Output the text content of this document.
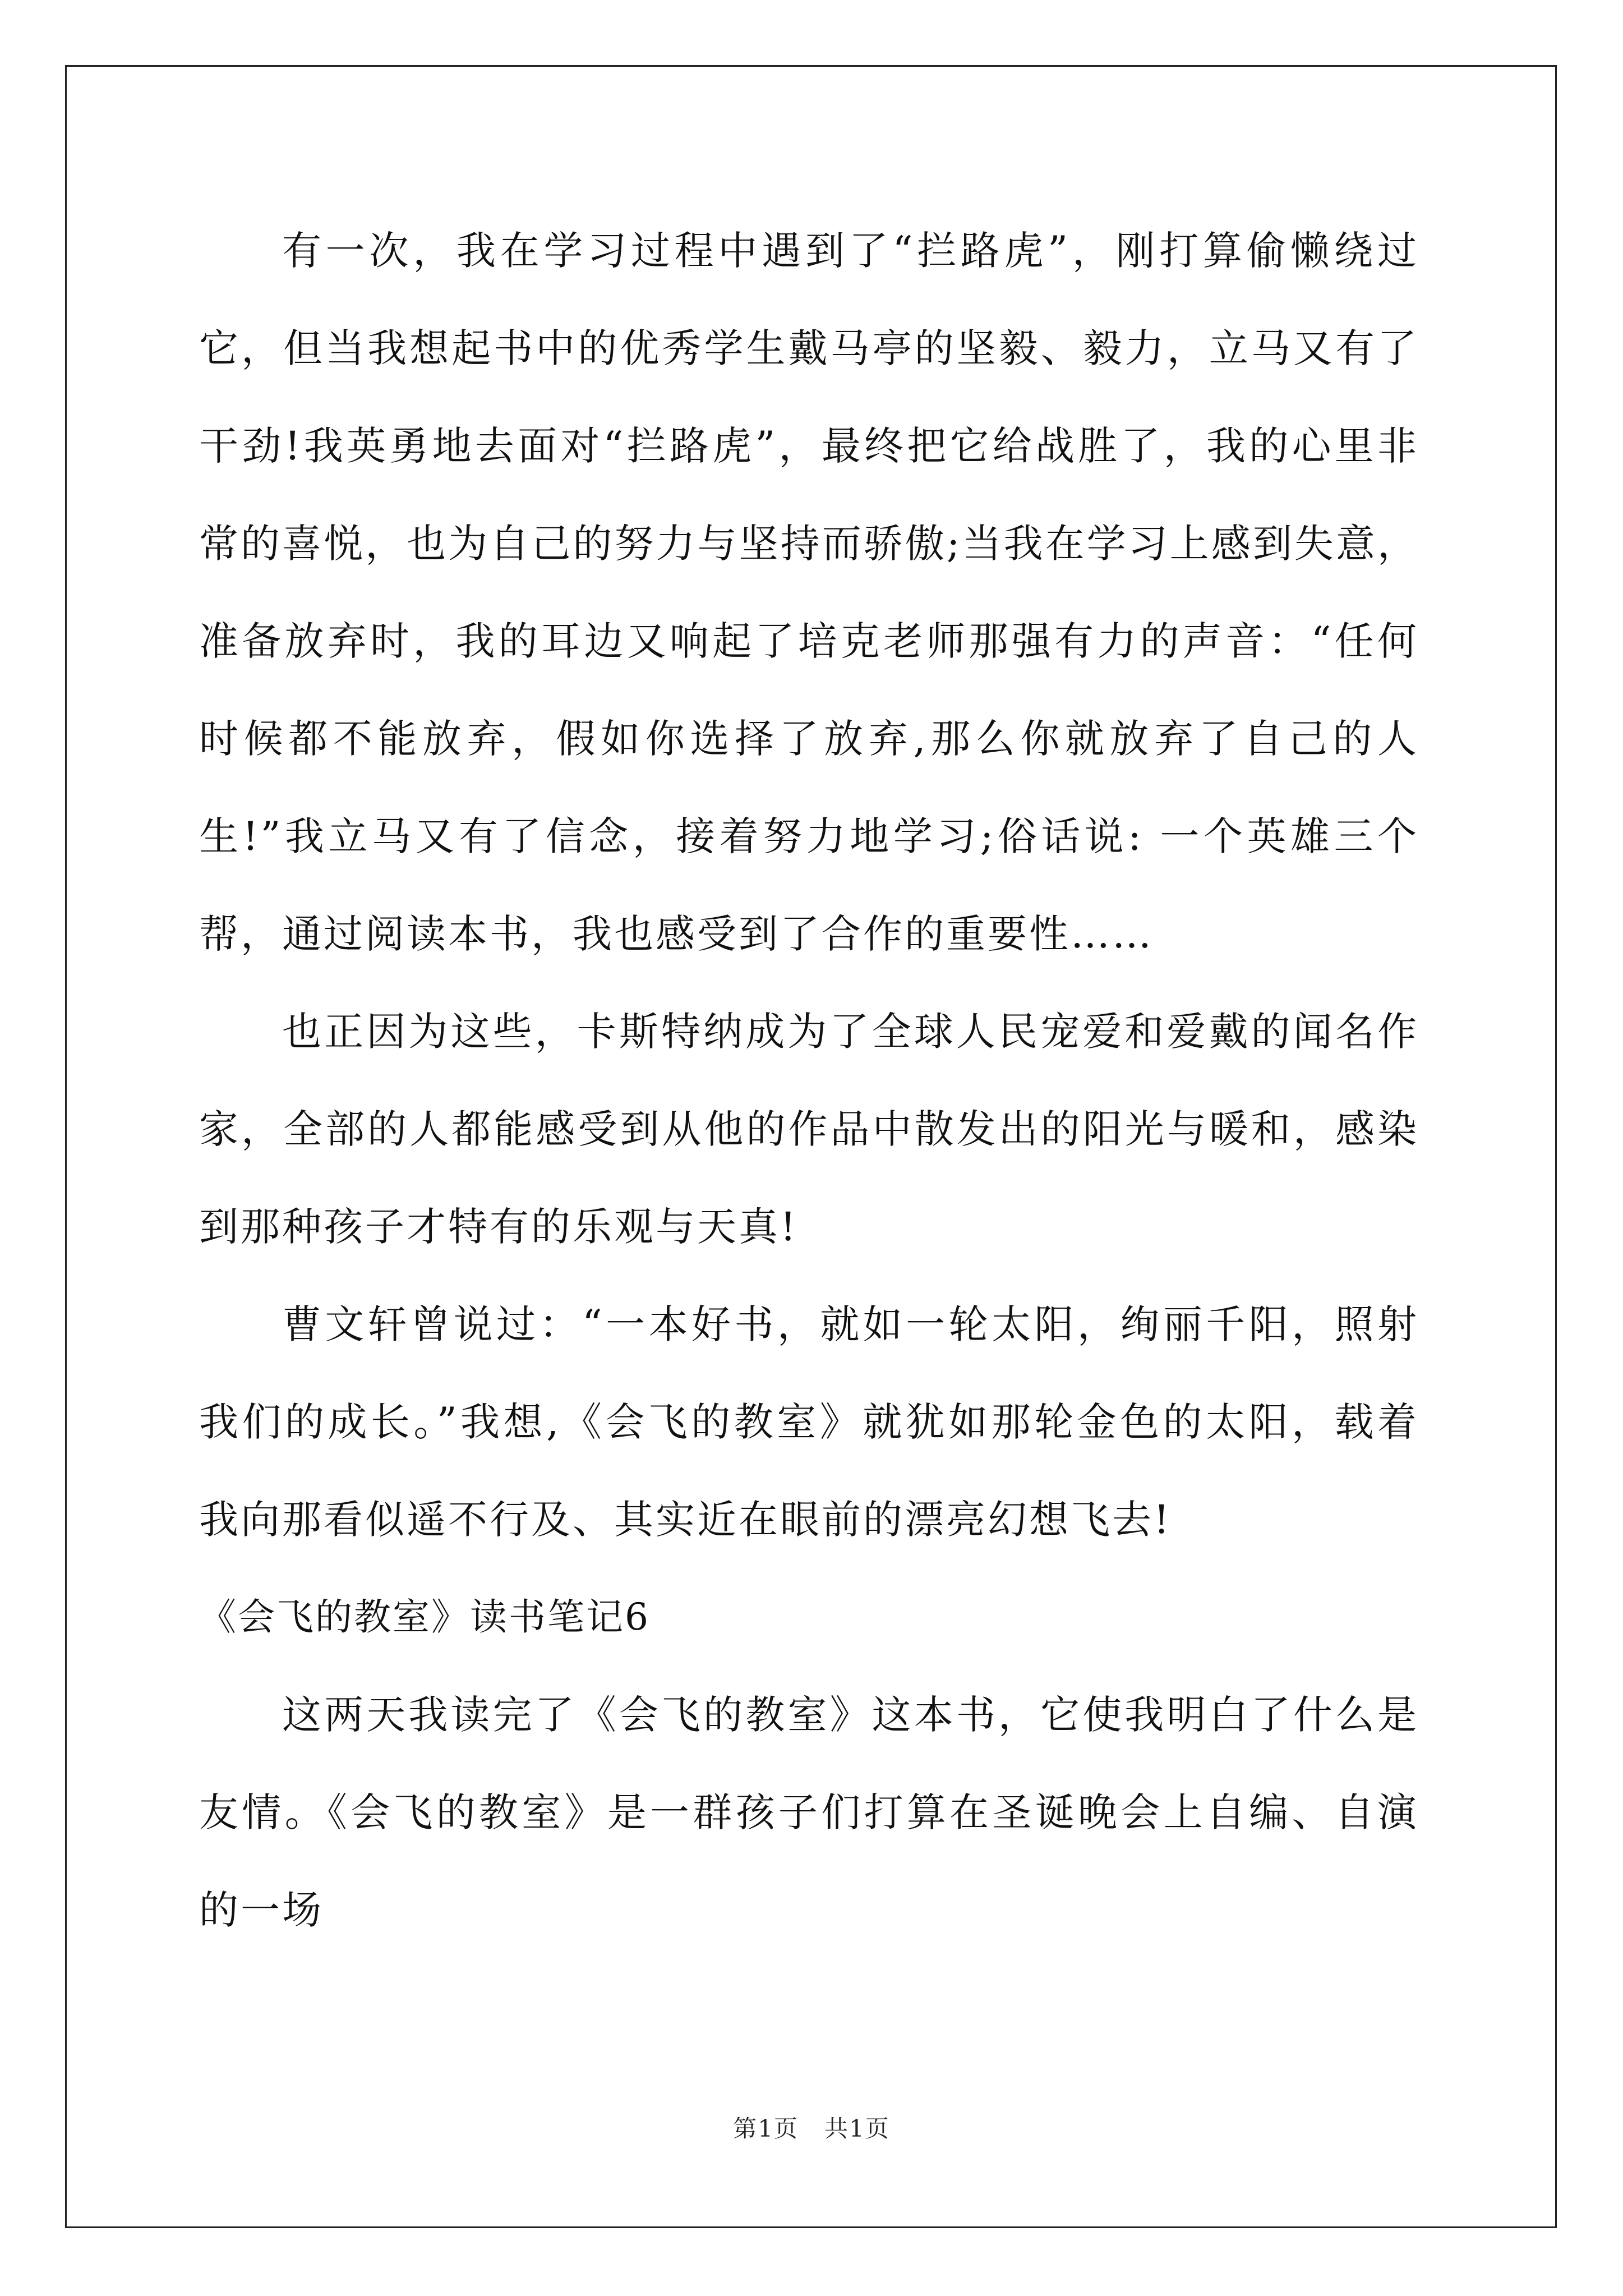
有一次，我在学习过程中遇到了“拦路虎”，刚打算偷懒绕过它，但当我想起书中的优秀学生戴马亭的坚毅、毅力，立马又有了干劲!我英勇地去面对“拦路虎”，最终把它给战胜了，我的心里非常的喜悦，也为自己的努力与坚持而骄傲;当我在学习上感到失意，准备放弃时，我的耳边又响起了培克老师那强有力的声音：“任何时候都不能放弃，假如你选择了放弃,那么你就放弃了自己的人生!”我立马又有了信念，接着努力地学习;俗话说: 一个英雄三个帮，通过阅读本书，我也感受到了合作的重要性……

也正因为这些，卡斯特纳成为了全球人民宠爱和爱戴的闻名作家，全部的人都能感受到从他的作品中散发出的阳光与暖和，感染到那种孩子才特有的乐观与天真!

曹文轩曾说过：“一本好书，就如一轮太阳，绚丽千阳，照射我们的成长。”我想,《会飞的教室》就犹如那轮金色的太阳，载着我向那看似遥不行及、其实近在眼前的漂亮幻想飞去!

《会飞的教室》读书笔记6

这两天我读完了《会飞的教室》这本书，它使我明白了什么是友情。《会飞的教室》是一群孩子们打算在圣诞晚会上自编、自演的一场

第1页 共1页
